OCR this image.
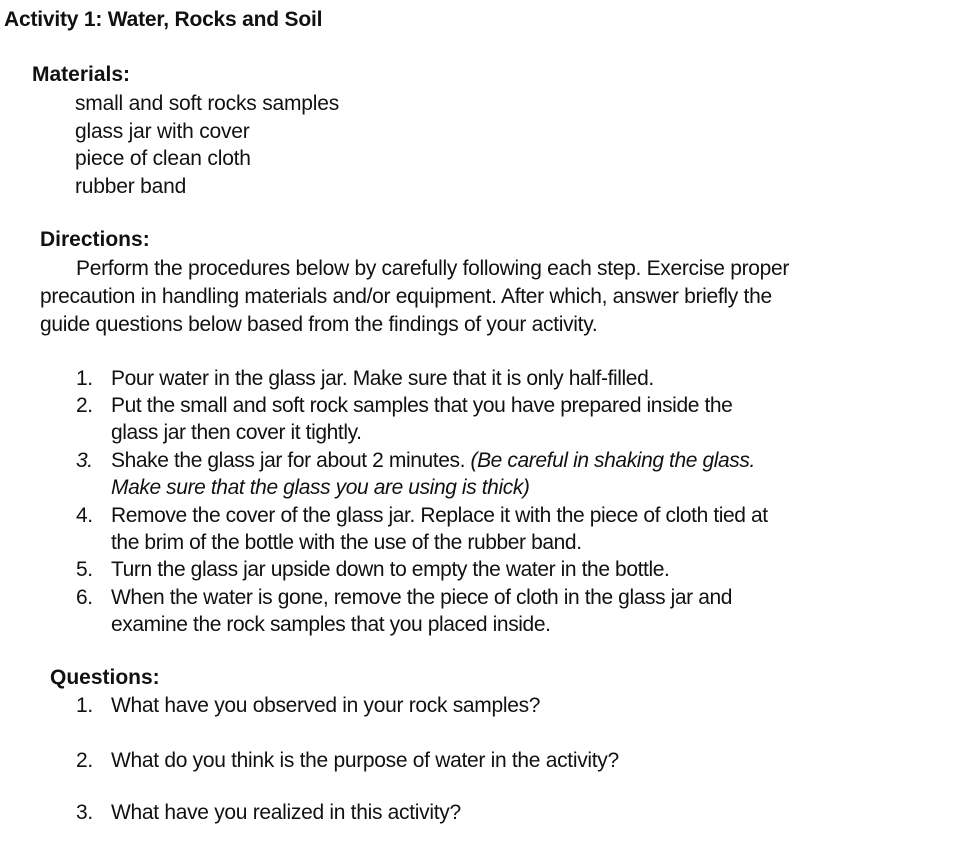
Activity 1: Water, Rocks and Soil
Materials:
small and soft rocks samples
glass jar with cover
piece of clean cloth
rubber band
Directions:
Perform the procedures below by carefully following each step. Exercise proper
precaution in handling materials and/or equipment. After which, answer briefly the
guide questions below based from the findings of your activity.
1. Pour water in the glass jar. Make sure that it is only half-filled.
2. Put the small and soft rock samples that you have prepared inside the
glass jar then cover it tightly.
3. Shake the glass jar for about 2 minutes. (Be careful in shaking the glass.
Make sure that the glass you are using is thick)
4. Remove the cover of the glass jar. Replace it with the piece of cloth tied at
the brim of the bottle with the use of the rubber band.
5. Turn the glass jar upside down to empty the water in the bottle.
6. When the water is gone, remove the piece of cloth in the glass jar and
examine the rock samples that you placed inside.
Questions:
1. What have you observed in your rock samples?
2. What do you think is the purpose of water in the activity?
3. What have you realized in this activity?
